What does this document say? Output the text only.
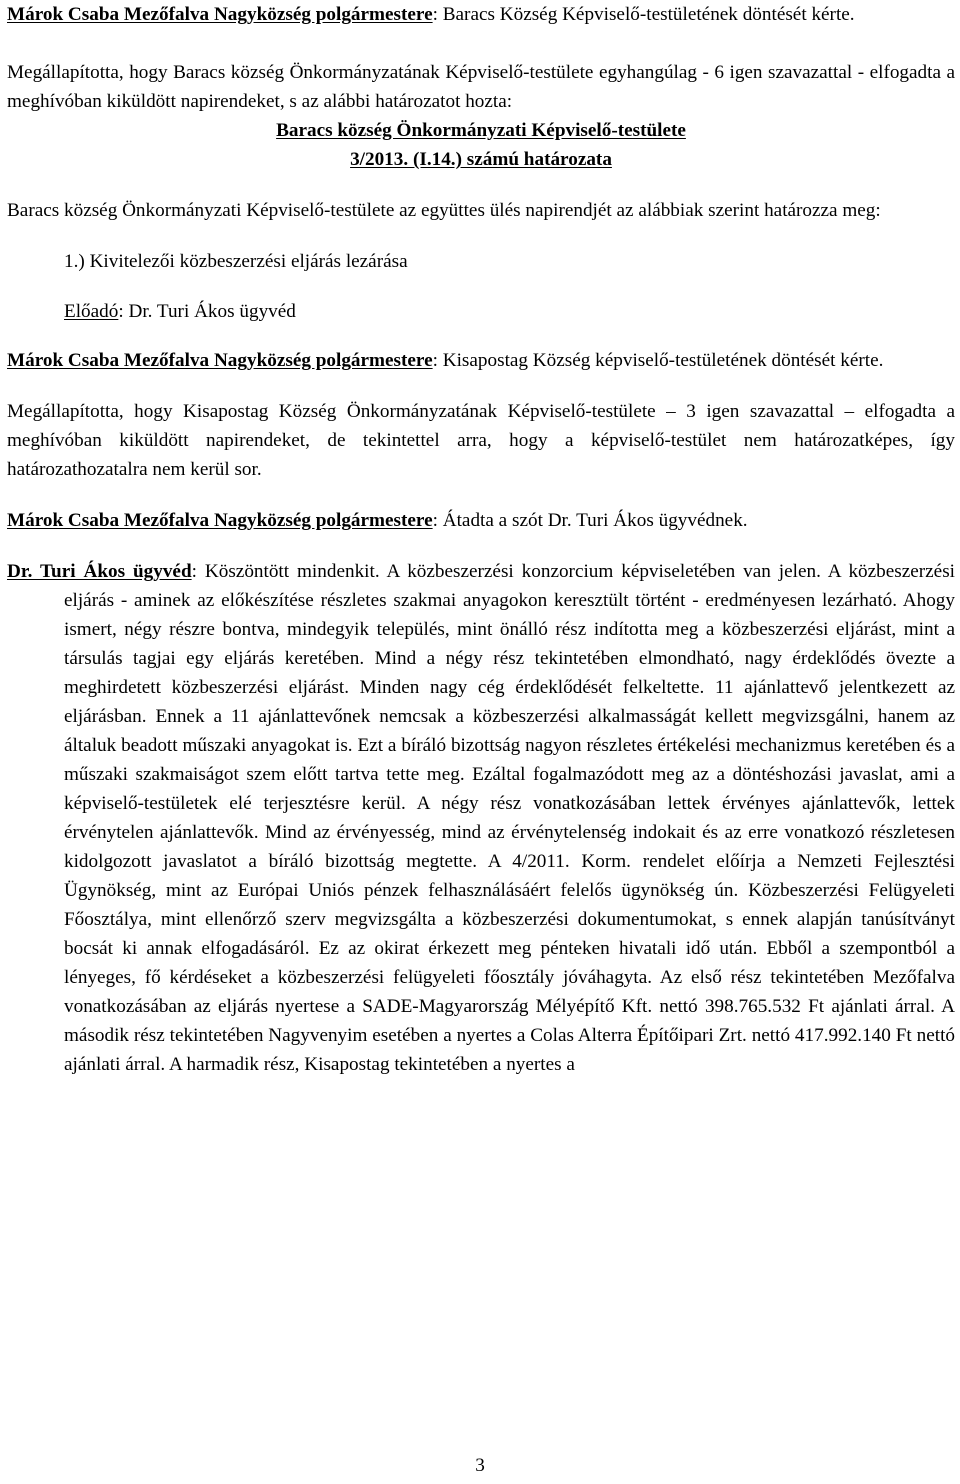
Márok Csaba Mezőfalva Nagyközség polgármestere: Baracs Község Képviselő-testületének döntését kérte.

Megállapította, hogy Baracs község Önkormányzatának Képviselő-testülete egyhangúlag - 6 igen szavazattal - elfogadta a meghívóban kiküldött napirendeket, s az alábbi határozatot hozta:

Baracs község Önkormányzati Képviselő-testülete

3/2013. (I.14.) számú határozata

Baracs község Önkormányzati Képviselő-testülete az együttes ülés napirendjét az alábbiak szerint határozza meg:

1.) Kivitelezői közbeszerzési eljárás lezárása

Előadó: Dr. Turi Ákos ügyvéd

Márok Csaba Mezőfalva Nagyközség polgármestere: Kisapostag Község képviselő-testületének döntését kérte.

Megállapította, hogy Kisapostag Község Önkormányzatának Képviselő-testülete – 3 igen szavazattal – elfogadta a meghívóban kiküldött napirendeket, de tekintettel arra, hogy a képviselő-testület nem határozatképes, így határozathozatalra nem kerül sor.

Márok Csaba Mezőfalva Nagyközség polgármestere: Átadta a szót Dr. Turi Ákos ügyvédnek.

Dr. Turi Ákos ügyvéd: Köszöntött mindenkit. A közbeszerzési konzorcium képviseletében van jelen. A közbeszerzési eljárás - aminek az előkészítése részletes szakmai anyagokon keresztült történt - eredményesen lezárható. Ahogy ismert, négy részre bontva, mindegyik település, mint önálló rész indította meg a közbeszerzési eljárást, mint a társulás tagjai egy eljárás keretében. Mind a négy rész tekintetében elmondható, nagy érdeklődés övezte a meghirdetett közbeszerzési eljárást. Minden nagy cég érdeklődését felkeltette. 11 ajánlattevő jelentkezett az eljárásban. Ennek a 11 ajánlattevőnek nemcsak a közbeszerzési alkalmasságát kellett megvizsgálni, hanem az általuk beadott műszaki anyagokat is. Ezt a bíráló bizottság nagyon részletes értékelési mechanizmus keretében és a műszaki szakmaiságot szem előtt tartva tette meg. Ezáltal fogalmazódott meg az a döntéshozási javaslat, ami a képviselő-testületek elé terjesztésre kerül. A négy rész vonatkozásában lettek érvényes ajánlattevők, lettek érvénytelen ajánlattevők. Mind az érvényesség, mind az érvénytelenség indokait és az erre vonatkozó részletesen kidolgozott javaslatot a bíráló bizottság megtette. A 4/2011. Korm. rendelet előírja a Nemzeti Fejlesztési Ügynökség, mint az Európai Uniós pénzek felhasználásáért felelős ügynökség ún. Közbeszerzési Felügyeleti Főosztálya, mint ellenőrző szerv megvizsgálta a közbeszerzési dokumentumokat, s ennek alapján tanúsítványt bocsát ki annak elfogadásáról. Ez az okirat érkezett meg pénteken hivatali idő után. Ebből a szempontból a lényeges, fő kérdéseket a közbeszerzési felügyeleti főosztály jóváhagyta. Az első rész tekintetében Mezőfalva vonatkozásában az eljárás nyertese a SADE-Magyarország Mélyépítő Kft. nettó 398.765.532 Ft ajánlati árral. A második rész tekintetében Nagyvenyim esetében a nyertes a Colas Alterra Építőipari Zrt. nettó 417.992.140 Ft nettó ajánlati árral. A harmadik rész, Kisapostag tekintetében a nyertes a

3
